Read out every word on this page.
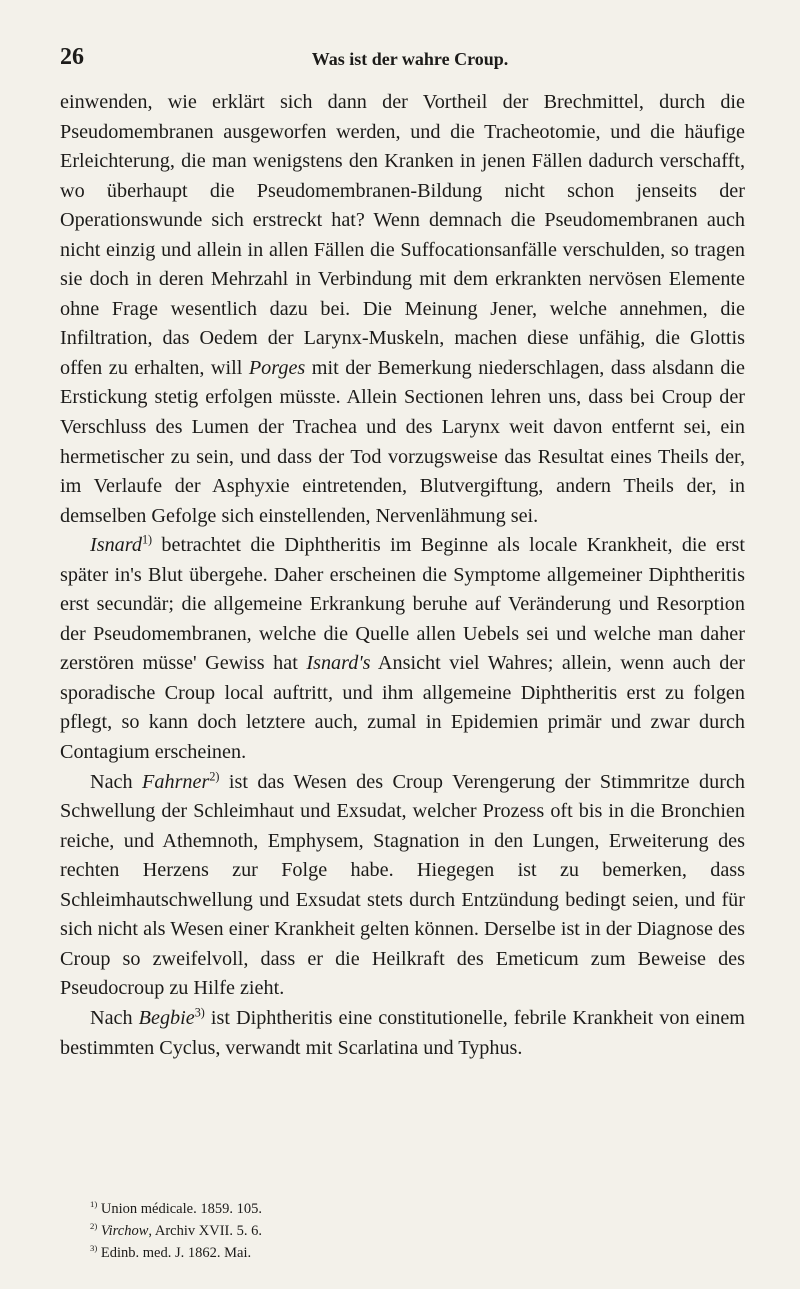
26	Was ist der wahre Croup.

einwenden, wie erklärt sich dann der Vortheil der Brechmittel, durch die Pseudomembranen ausgeworfen werden, und die Tracheotomie, und die häufige Erleichterung, die man wenigstens den Kranken in jenen Fällen dadurch verschafft, wo überhaupt die Pseudomembranen-Bildung nicht schon jenseits der Operationswunde sich erstreckt hat? Wenn demnach die Pseudomembranen auch nicht einzig und allein in allen Fällen die Suffocationsanfälle verschulden, so tragen sie doch in deren Mehrzahl in Verbindung mit dem erkrankten nervösen Elemente ohne Frage wesentlich dazu bei. Die Meinung Jener, welche annehmen, die Infiltration, das Oedem der Larynx-Muskeln, machen diese unfähig, die Glottis offen zu erhalten, will Porges mit der Bemerkung niederschlagen, dass alsdann die Erstickung stetig erfolgen müsste. Allein Sectionen lehren uns, dass bei Croup der Verschluss des Lumen der Trachea und des Larynx weit davon entfernt sei, ein hermetischer zu sein, und dass der Tod vorzugsweise das Resultat eines Theils der, im Verlaufe der Asphyxie eintretenden, Blutvergiftung, andern Theils der, in demselben Gefolge sich einstellenden, Nervenlähmung sei.

Isnard$^{1)}$ betrachtet die Diphtheritis im Beginne als locale Krankheit, die erst später in's Blut übergehe. Daher erscheinen die Symptome allgemeiner Diphtheritis erst secundär; die allgemeine Erkrankung beruhe auf Veränderung und Resorption der Pseudomembranen, welche die Quelle allen Uebels sei und welche man daher zerstören müsse' Gewiss hat Isnard's Ansicht viel Wahres; allein, wenn auch der sporadische Croup local auftritt, und ihm allgemeine Diphtheritis erst zu folgen pflegt, so kann doch letztere auch, zumal in Epidemien primär und zwar durch Contagium erscheinen.

Nach Fahrner$^{2)}$ ist das Wesen des Croup Verengerung der Stimmritze durch Schwellung der Schleimhaut und Exsudat, welcher Prozess oft bis in die Bronchien reiche, und Athemnoth, Emphysem, Stagnation in den Lungen, Erweiterung des rechten Herzens zur Folge habe. Hiegegen ist zu bemerken, dass Schleimhautschwellung und Exsudat stets durch Entzündung bedingt seien, und für sich nicht als Wesen einer Krankheit gelten können. Derselbe ist in der Diagnose des Croup so zweifelvoll, dass er die Heilkraft des Emeticum zum Beweise des Pseudocroup zu Hilfe zieht.

Nach Begbie$^{3)}$ ist Diphtheritis eine constitutionelle, febrile Krankheit von einem bestimmten Cyclus, verwandt mit Scarlatina und Typhus.

$^{1)}$ Union médicale. 1859. 105.

$^{2)}$ Virchow, Archiv XVII. 5. 6.

$^{3)}$ Edinb. med. J. 1862. Mai.
